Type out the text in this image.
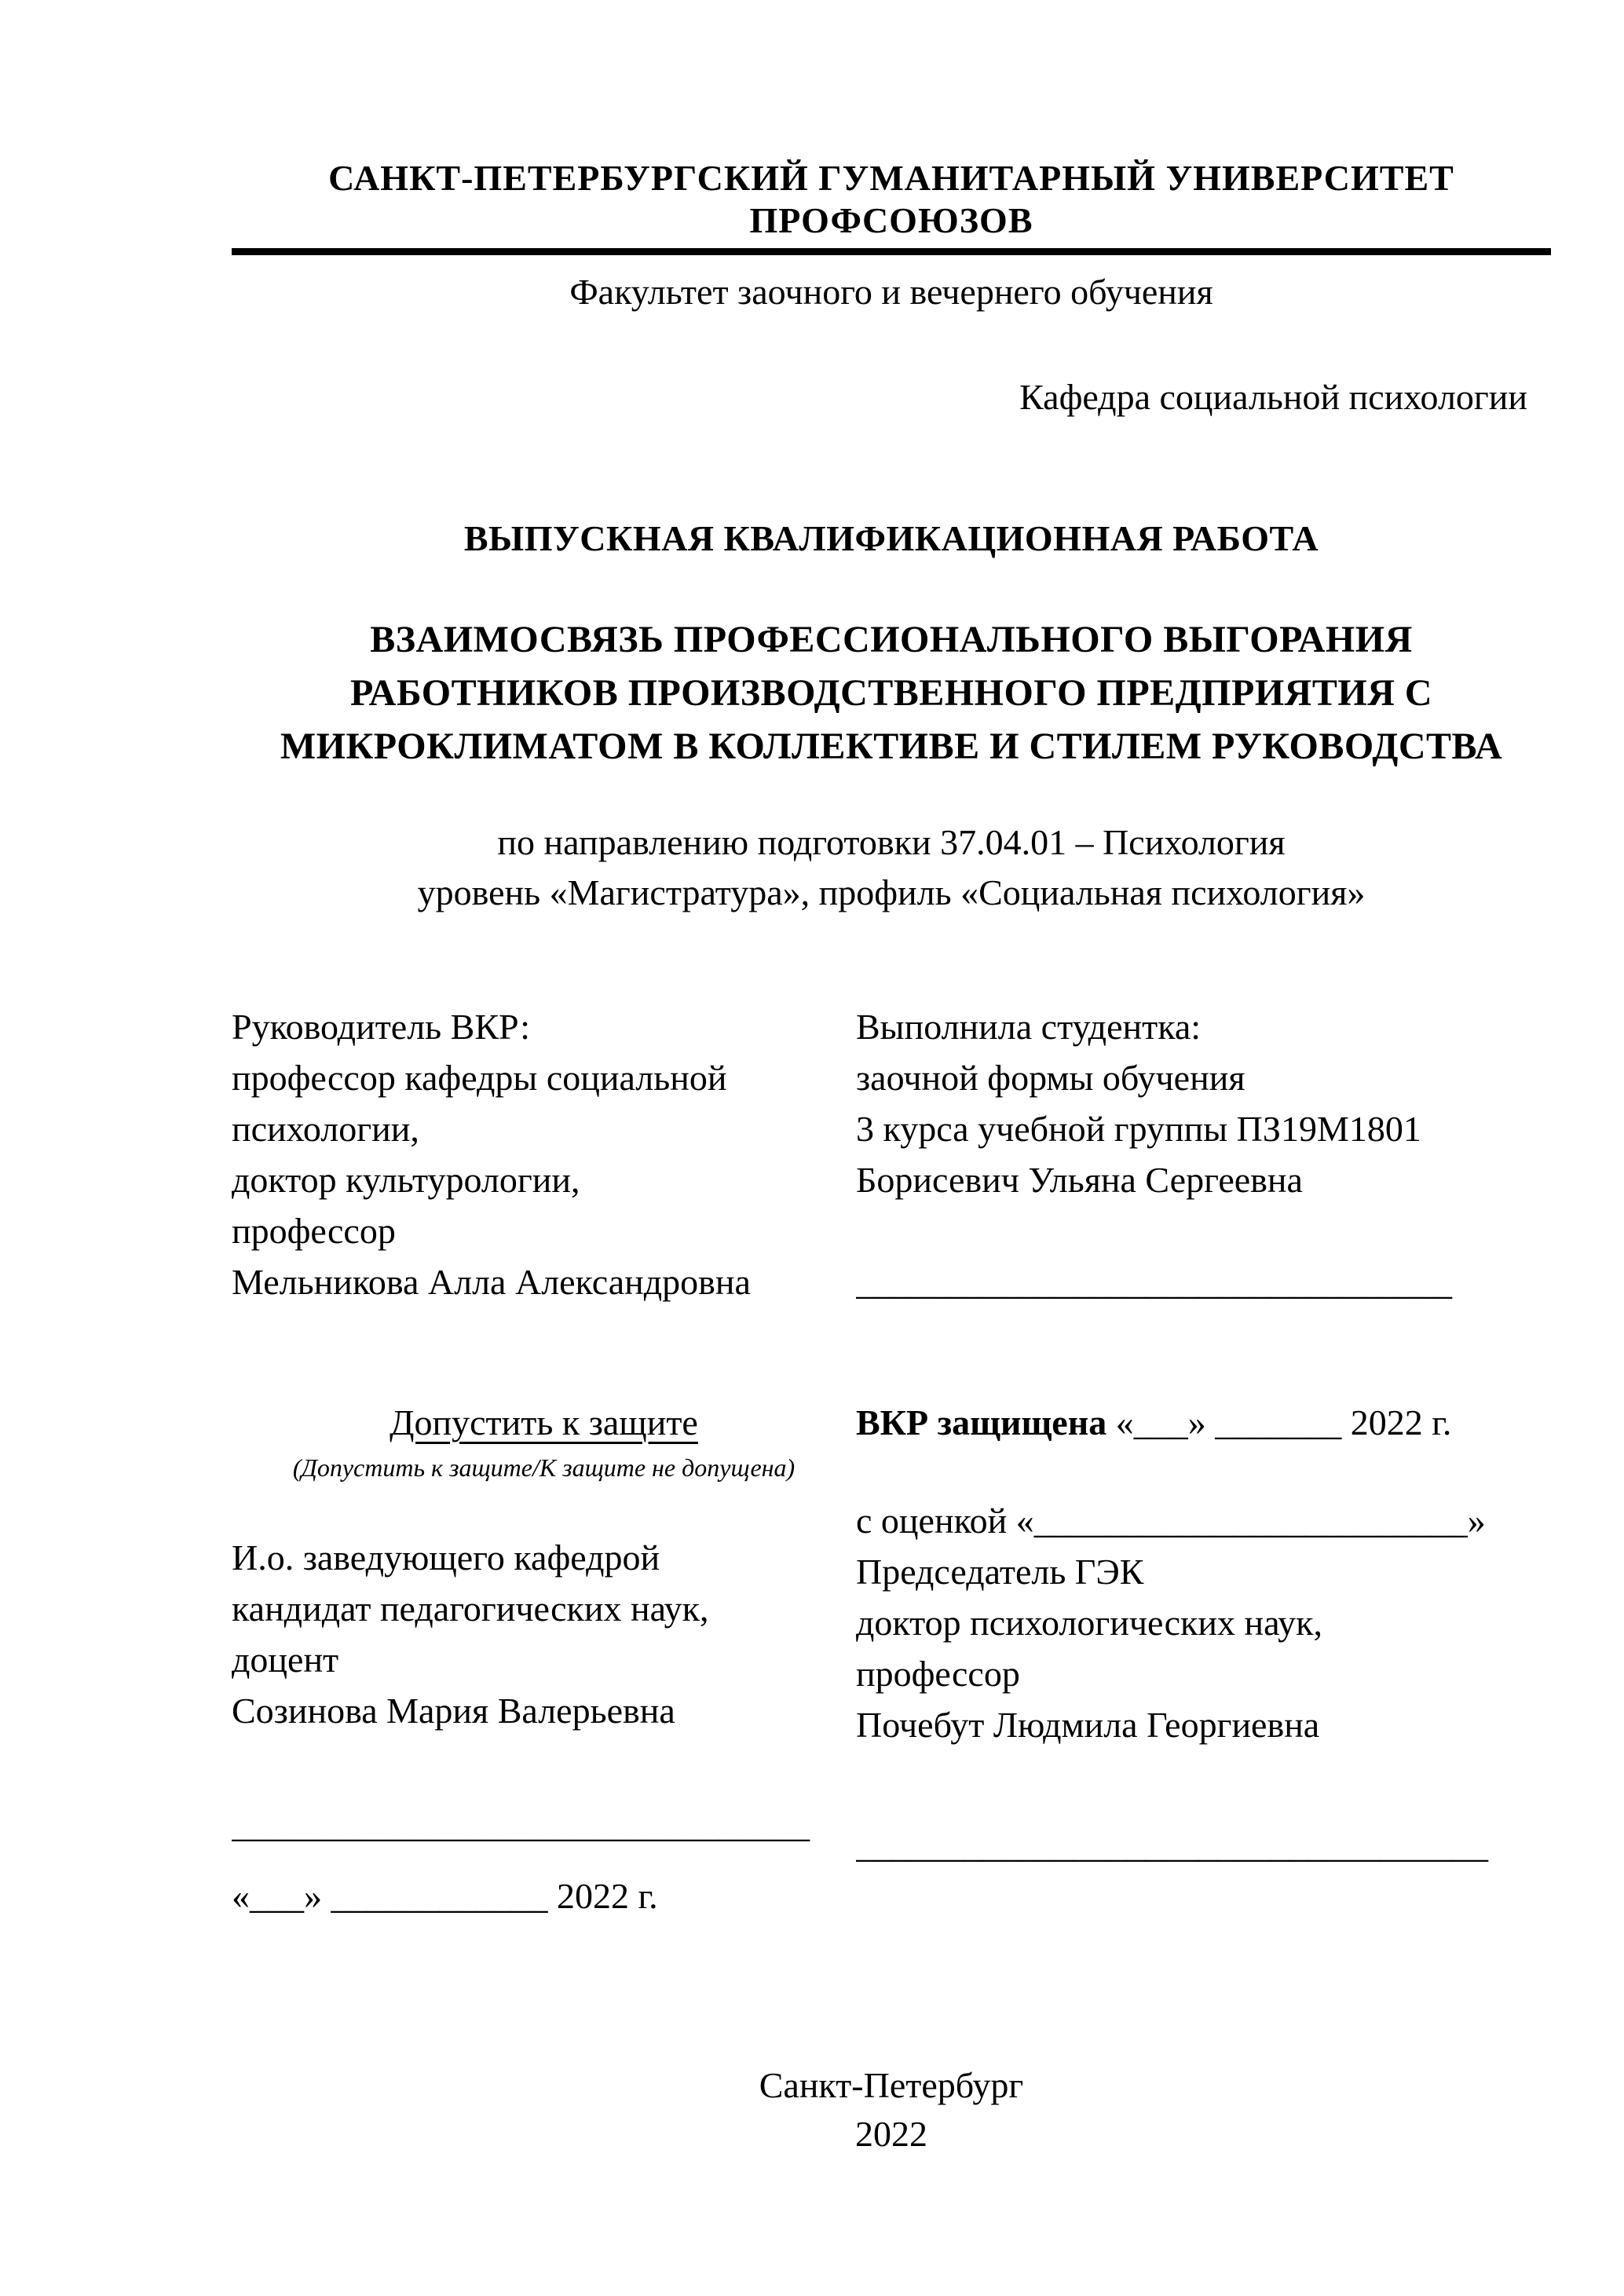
САНКТ-ПЕТЕРБУРГСКИЙ ГУМАНИТАРНЫЙ УНИВЕРСИТЕТ ПРОФСОЮЗОВ
Факультет заочного и вечернего обучения
Кафедра социальной психологии
ВЫПУСКНАЯ КВАЛИФИКАЦИОННАЯ РАБОТА
ВЗАИМОСВЯЗЬ ПРОФЕССИОНАЛЬНОГО ВЫГОРАНИЯ
РАБОТНИКОВ ПРОИЗВОДСТВЕННОГО ПРЕДПРИЯТИЯ С
МИКРОКЛИМАТОМ В КОЛЛЕКТИВЕ И СТИЛЕМ РУКОВОДСТВА
по направлению подготовки 37.04.01 – Психология
уровень «Магистратура», профиль «Социальная психология»
Руководитель ВКР:
профессор кафедры социальной
психологии,
доктор культурологии,
профессор
Мельникова Алла Александровна
Допустить к защите
(Допустить к защите/К защите не допущена)
И.о. заведующего кафедрой
кандидат педагогических наук,
доцент
Созинова Мария Валерьевна
________________________________
«___» ____________ 2022 г.
Выполнила студентка:
заочной формы обучения
3 курса учебной группы ПЗ19М1801
Борисевич Ульяна Сергеевна
_________________________________
ВКР защищена «___» _______ 2022 г.
с оценкой «________________________»
Председатель ГЭК
доктор психологических наук,
профессор
Почебут Людмила Георгиевна
___________________________________
Санкт-Петербург
2022
